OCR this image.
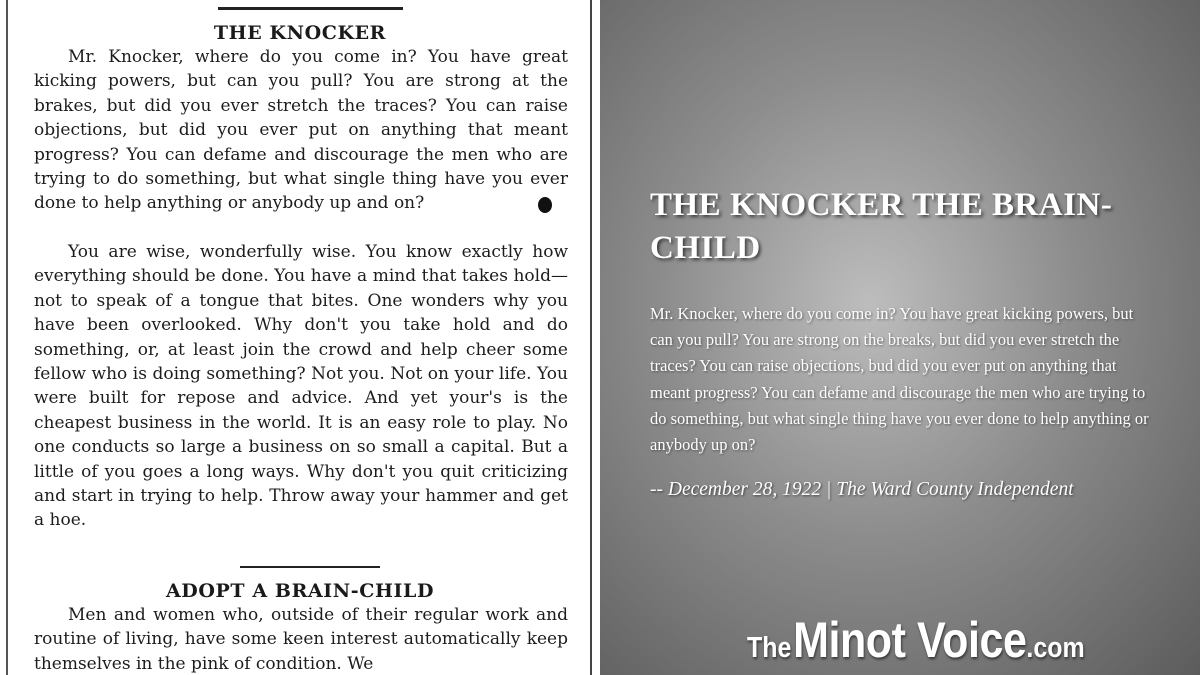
THE KNOCKER
Mr. Knocker, where do you come in? You have great kicking powers, but can you pull? You are strong at the brakes, but did you ever stretch the traces? You can raise objections, but did you ever put on anything that meant progress? You can defame and discourage the men who are trying to do something, but what single thing have you ever done to help anything or anybody up and on?
You are wise, wonderfully wise. You know exactly how everything should be done. You have a mind that takes hold—not to speak of a tongue that bites. One wonders why you have been overlooked. Why don't you take hold and do something, or, at least join the crowd and help cheer some fellow who is doing something? Not you. Not on your life. You were built for repose and advice. And yet your's is the cheapest business in the world. It is an easy role to play. No one conducts so large a business on so small a capital. But a little of you goes a long ways. Why don't you quit criticizing and start in trying to help. Throw away your hammer and get a hoe.
ADOPT A BRAIN-CHILD
Men and women who, outside of their regular work and routine of living, have some keen interest automatically keep themselves in the pink of condition. We
THE KNOCKER THE BRAIN-CHILD
Mr. Knocker, where do you come in? You have great kicking powers, but can you pull? You are strong on the breaks, but did you ever stretch the traces? You can raise objections, bud did you ever put on anything that meant progress? You can defame and discourage the men who are trying to do something, but what single thing have you ever done to help anything or anybody up on?
-- December 28, 1922 | The Ward County Independent
TheMinot Voice.com
